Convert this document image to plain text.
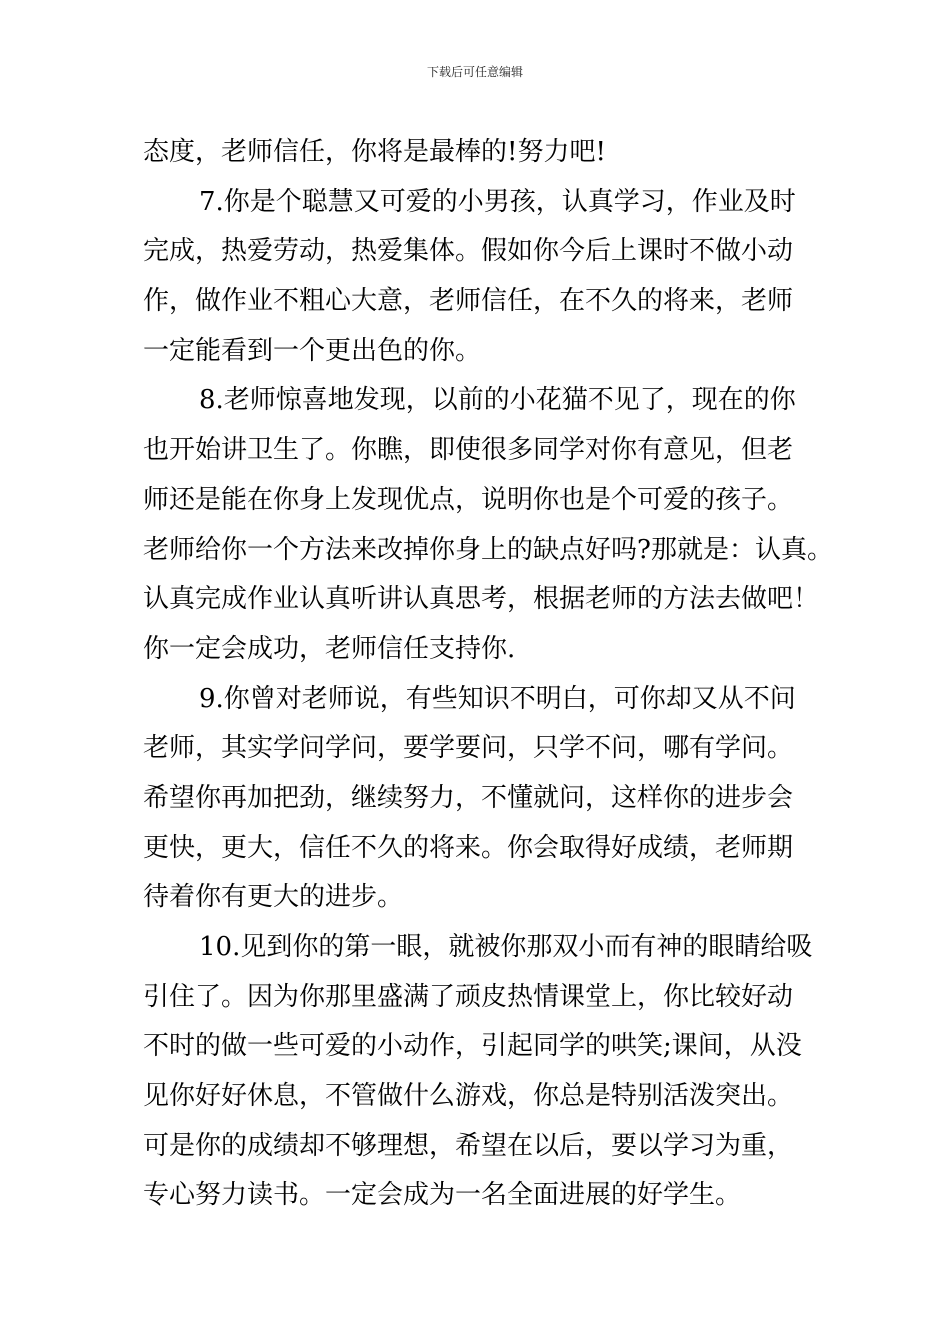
下载后可任意编辑
态度，老师信任，你将是最棒的!努力吧!
7.你是个聪慧又可爱的小男孩，认真学习，作业及时
完成，热爱劳动，热爱集体。假如你今后上课时不做小动
作，做作业不粗心大意，老师信任，在不久的将来，老师
一定能看到一个更出色的你。
8.老师惊喜地发现，以前的小花猫不见了，现在的你
也开始讲卫生了。你瞧，即使很多同学对你有意见，但老
师还是能在你身上发现优点，说明你也是个可爱的孩子。
老师给你一个方法来改掉你身上的缺点好吗?那就是：认真。
认真完成作业认真听讲认真思考，根据老师的方法去做吧！
你一定会成功，老师信任支持你.
9.你曾对老师说，有些知识不明白，可你却又从不问
老师，其实学问学问，要学要问，只学不问，哪有学问。
希望你再加把劲，继续努力，不懂就问，这样你的进步会
更快，更大，信任不久的将来。你会取得好成绩，老师期
待着你有更大的进步。
10.见到你的第一眼，就被你那双小而有神的眼睛给吸
引住了。因为你那里盛满了顽皮热情课堂上，你比较好动
不时的做一些可爱的小动作，引起同学的哄笑;课间，从没
见你好好休息，不管做什么游戏，你总是特别活泼突出。
可是你的成绩却不够理想，希望在以后，要以学习为重，
专心努力读书。一定会成为一名全面进展的好学生。
